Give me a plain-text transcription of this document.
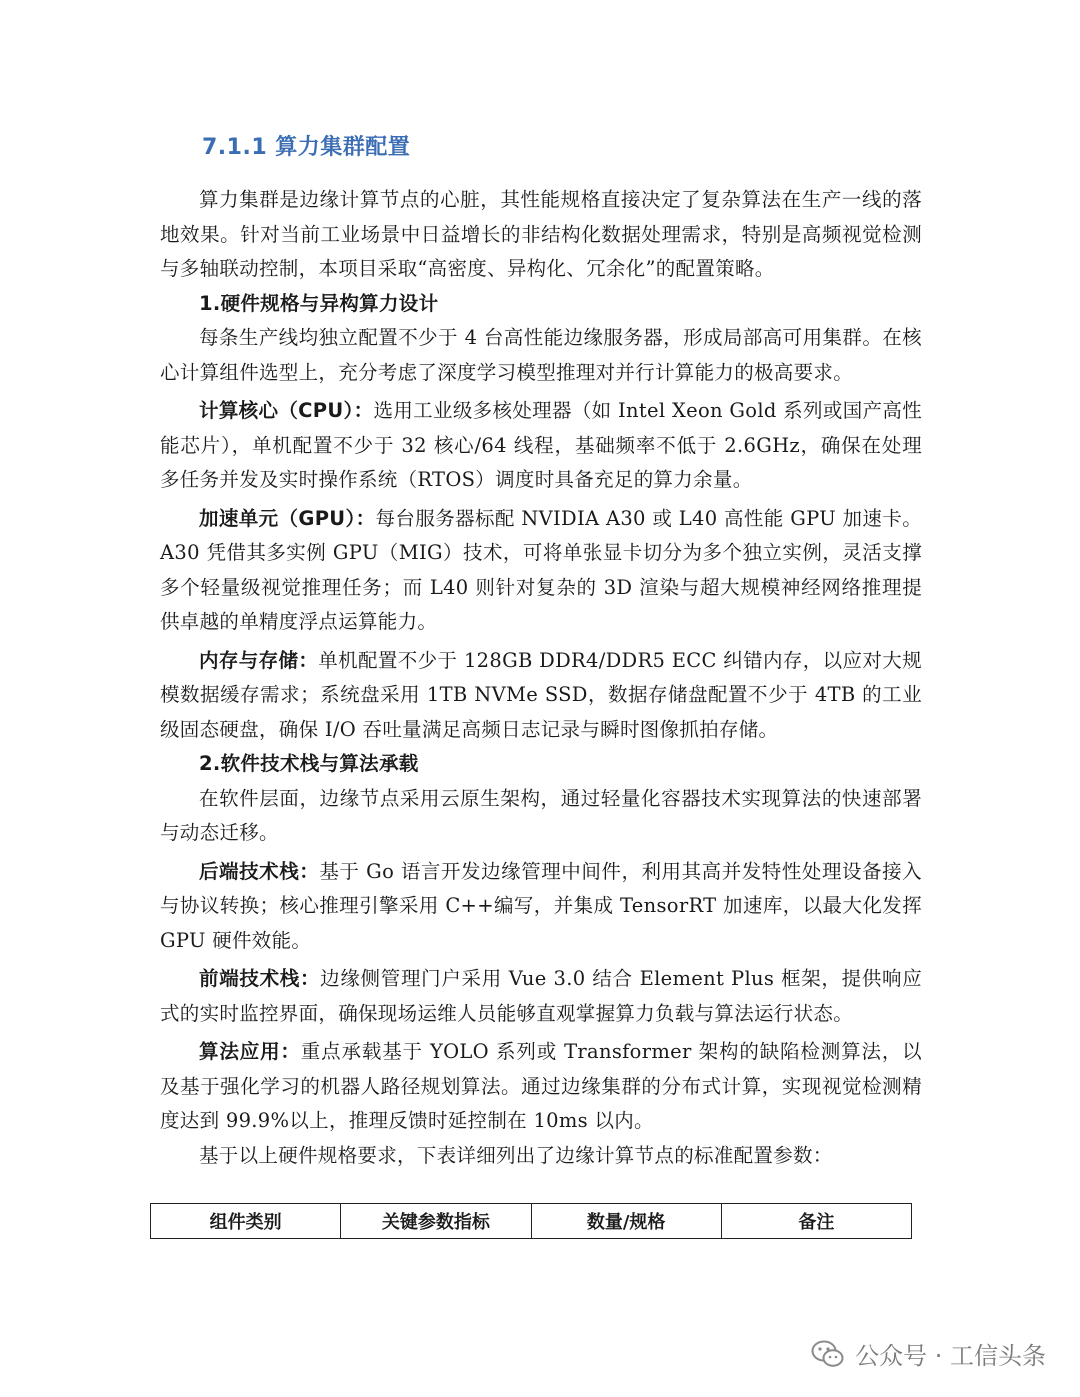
7.1.1 算力集群配置

算力集群是边缘计算节点的心脏，其性能规格直接决定了复杂算法在生产一线的落地效果。针对当前工业场景中日益增长的非结构化数据处理需求，特别是高频视觉检测与多轴联动控制，本项目采取“高密度、异构化、冗余化”的配置策略。

1.硬件规格与异构算力设计

每条生产线均独立配置不少于 4 台高性能边缘服务器，形成局部高可用集群。在核心计算组件选型上，充分考虑了深度学习模型推理对并行计算能力的极高要求。

计算核心（CPU）：选用工业级多核处理器（如 Intel Xeon Gold 系列或国产高性能芯片），单机配置不少于 32 核心/64 线程，基础频率不低于 2.6GHz，确保在处理多任务并发及实时操作系统（RTOS）调度时具备充足的算力余量。

加速单元（GPU）：每台服务器标配 NVIDIA A30 或 L40 高性能 GPU 加速卡。A30 凭借其多实例 GPU（MIG）技术，可将单张显卡切分为多个独立实例，灵活支撑多个轻量级视觉推理任务；而 L40 则针对复杂的 3D 渲染与超大规模神经网络推理提供卓越的单精度浮点运算能力。

内存与存储：单机配置不少于 128GB DDR4/DDR5 ECC 纠错内存，以应对大规模数据缓存需求；系统盘采用 1TB NVMe SSD，数据存储盘配置不少于 4TB 的工业级固态硬盘，确保 I/O 吞吐量满足高频日志记录与瞬时图像抓拍存储。

2.软件技术栈与算法承载

在软件层面，边缘节点采用云原生架构，通过轻量化容器技术实现算法的快速部署与动态迁移。

后端技术栈：基于 Go 语言开发边缘管理中间件，利用其高并发特性处理设备接入与协议转换；核心推理引擎采用 C++编写，并集成 TensorRT 加速库，以最大化发挥 GPU 硬件效能。

前端技术栈：边缘侧管理门户采用 Vue 3.0 结合 Element Plus 框架，提供响应式的实时监控界面，确保现场运维人员能够直观掌握算力负载与算法运行状态。

算法应用：重点承载基于 YOLO 系列或 Transformer 架构的缺陷检测算法，以及基于强化学习的机器人路径规划算法。通过边缘集群的分布式计算，实现视觉检测精度达到 99.9%以上，推理反馈时延控制在 10ms 以内。

基于以上硬件规格要求，下表详细列出了边缘计算节点的标准配置参数：

组件类别	关键参数指标	数量/规格	备注
公众号 · 工信头条
